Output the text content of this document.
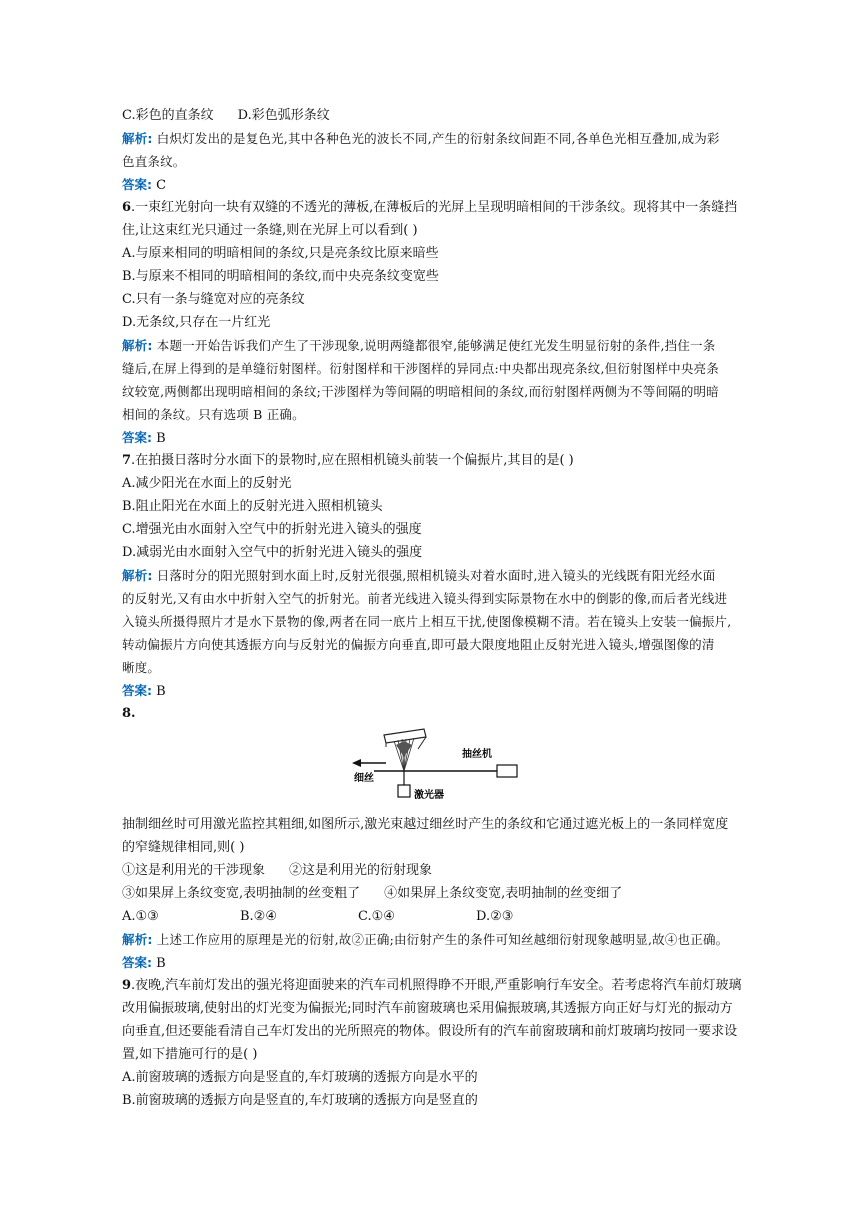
C.彩色的直条纹 D.彩色弧形条纹
解析: 白炽灯发出的是复色光,其中各种色光的波长不同,产生的衍射条纹间距不同,各单色光相互叠加,成为彩
色直条纹。
答案: C
6.一束红光射向一块有双缝的不透光的薄板,在薄板后的光屏上呈现明暗相间的干涉条纹。现将其中一条缝挡
住,让这束红光只通过一条缝,则在光屏上可以看到( )
A.与原来相同的明暗相间的条纹,只是亮条纹比原来暗些
B.与原来不相同的明暗相间的条纹,而中央亮条纹变宽些
C.只有一条与缝宽对应的亮条纹
D.无条纹,只存在一片红光
解析: 本题一开始告诉我们产生了干涉现象,说明两缝都很窄,能够满足使红光发生明显衍射的条件,挡住一条
缝后,在屏上得到的是单缝衍射图样。衍射图样和干涉图样的异同点:中央都出现亮条纹,但衍射图样中央亮条
纹较宽,两侧都出现明暗相间的条纹;干涉图样为等间隔的明暗相间的条纹,而衍射图样两侧为不等间隔的明暗
相间的条纹。只有选项 B 正确。
答案: B
7.在拍摄日落时分水面下的景物时,应在照相机镜头前装一个偏振片,其目的是( )
A.减少阳光在水面上的反射光
B.阻止阳光在水面上的反射光进入照相机镜头
C.增强光由水面射入空气中的折射光进入镜头的强度
D.减弱光由水面射入空气中的折射光进入镜头的强度
解析: 日落时分的阳光照射到水面上时,反射光很强,照相机镜头对着水面时,进入镜头的光线既有阳光经水面
的反射光,又有由水中折射入空气的折射光。前者光线进入镜头得到实际景物在水中的倒影的像,而后者光线进
入镜头所摄得照片才是水下景物的像,两者在同一底片上相互干扰,使图像模糊不清。若在镜头上安装一偏振片,
转动偏振片方向使其透振方向与反射光的偏振方向垂直,即可最大限度地阻止反射光进入镜头,增强图像的清
晰度。
答案: B
8.
抽丝机
细丝
激光器
抽制细丝时可用激光监控其粗细,如图所示,激光束越过细丝时产生的条纹和它通过遮光板上的一条同样宽度
的窄缝规律相同,则( )
①这是利用光的干涉现象 ②这是利用光的衍射现象
③如果屏上条纹变宽,表明抽制的丝变粗了 ④如果屏上条纹变宽,表明抽制的丝变细了
A.①③	B.②④	C.①④	D.②③
解析: 上述工作应用的原理是光的衍射,故②正确;由衍射产生的条件可知丝越细衍射现象越明显,故④也正确。
答案: B
9.夜晚,汽车前灯发出的强光将迎面驶来的汽车司机照得睁不开眼,严重影响行车安全。若考虑将汽车前灯玻璃
改用偏振玻璃,使射出的灯光变为偏振光;同时汽车前窗玻璃也采用偏振玻璃,其透振方向正好与灯光的振动方
向垂直,但还要能看清自己车灯发出的光所照亮的物体。假设所有的汽车前窗玻璃和前灯玻璃均按同一要求设
置,如下措施可行的是( )
A.前窗玻璃的透振方向是竖直的,车灯玻璃的透振方向是水平的
B.前窗玻璃的透振方向是竖直的,车灯玻璃的透振方向是竖直的
